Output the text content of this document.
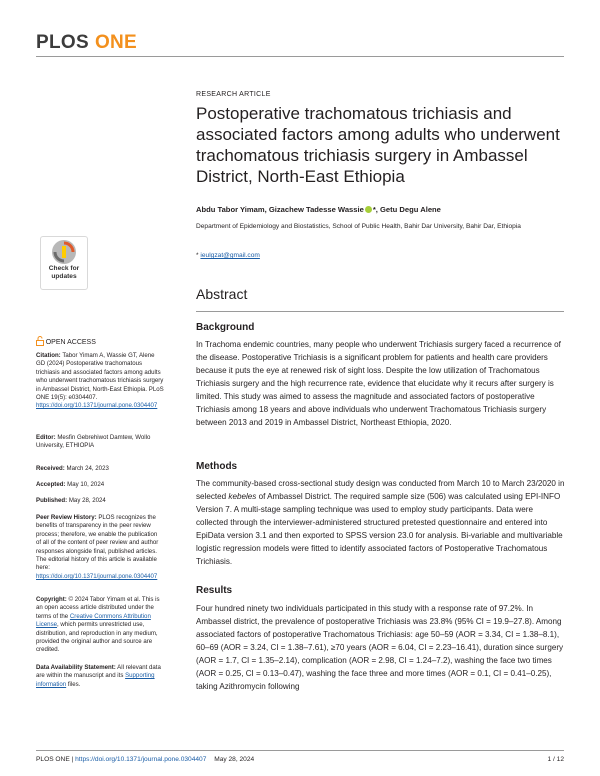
PLOS ONE
RESEARCH ARTICLE
Postoperative trachomatous trichiasis and associated factors among adults who underwent trachomatous trichiasis surgery in Ambassel District, North-East Ethiopia
Abdu Tabor Yimam, Gizachew Tadesse Wassie *, Getu Degu Alene
Department of Epidemiology and Biostatistics, School of Public Health, Bahir Dar University, Bahir Dar, Ethiopia
* ieulgzat@gmail.com
Check for
updates
OPEN ACCESS
Citation: Tabor Yimam A, Wassie GT, Alene GD (2024) Postoperative trachomatous trichiasis and associated factors among adults who underwent trachomatous trichiasis surgery in Ambassel District, North-East Ethiopia. PLoS ONE 19(5): e0304407. https://doi.org/10.1371/journal.pone.0304407
Editor: Mesfin Gebrehiwot Damtew, Wollo University, ETHIOPIA
Received: March 24, 2023
Accepted: May 10, 2024
Published: May 28, 2024
Peer Review History: PLOS recognizes the benefits of transparency in the peer review process; therefore, we enable the publication of all of the content of peer review and author responses alongside final, published articles. The editorial history of this article is available here: https://doi.org/10.1371/journal.pone.0304407
Copyright: © 2024 Tabor Yimam et al. This is an open access article distributed under the terms of the Creative Commons Attribution License, which permits unrestricted use, distribution, and reproduction in any medium, provided the original author and source are credited.
Data Availability Statement: All relevant data are within the manuscript and its Supporting information files.
Abstract
Background
In Trachoma endemic countries, many people who underwent Trichiasis surgery faced a recurrence of the disease. Postoperative Trichiasis is a significant problem for patients and health care providers because it puts the eye at renewed risk of sight loss. Despite the low utilization of Trachomatous Trichiasis surgery and the high recurrence rate, evidence that elucidate why it recurs after surgery is limited. This study was aimed to assess the magnitude and associated factors of postoperative Trichiasis among 18 years and above individuals who underwent Trachomatous Trichiasis surgery between 2013 and 2019 in Ambassel District, Northeast Ethiopia, 2020.
Methods
The community-based cross-sectional study design was conducted from March 10 to March 23/2020 in selected kebeles of Ambassel District. The required sample size (506) was calculated using EPI-INFO Version 7. A multi-stage sampling technique was used to employ study participants. Data were collected through the interviewer-administered structured pretested questionnaire and entered into EpiData version 3.1 and then exported to SPSS version 23.0 for analysis. Bi-variable and multivariable logistic regression models were fitted to identify associated factors of Postoperative Trachomatous Trichiasis.
Results
Four hundred ninety two individuals participated in this study with a response rate of 97.2%. In Ambassel district, the prevalence of postoperative Trichiasis was 23.8% (95% CI = 19.9–27.8). Among associated factors of postoperative Trachomatous Trichiasis: age 50–59 (AOR = 3.34, CI = 1.38–8.1), 60–69 (AOR = 3.24, CI = 1.38–7.61), ≥70 years (AOR = 6.04, CI = 2.23–16.41), duration since surgery (AOR = 1.7, CI = 1.35–2.14), complication (AOR = 2.98, CI = 1.24–7.2), washing the face two times (AOR = 0.25, CI = 0.13–0.47), washing the face three and more times (AOR = 0.1, CI = 0.41–0.25), taking Azithromycin following
PLOS ONE | https://doi.org/10.1371/journal.pone.0304407 May 28, 2024	1 / 12
